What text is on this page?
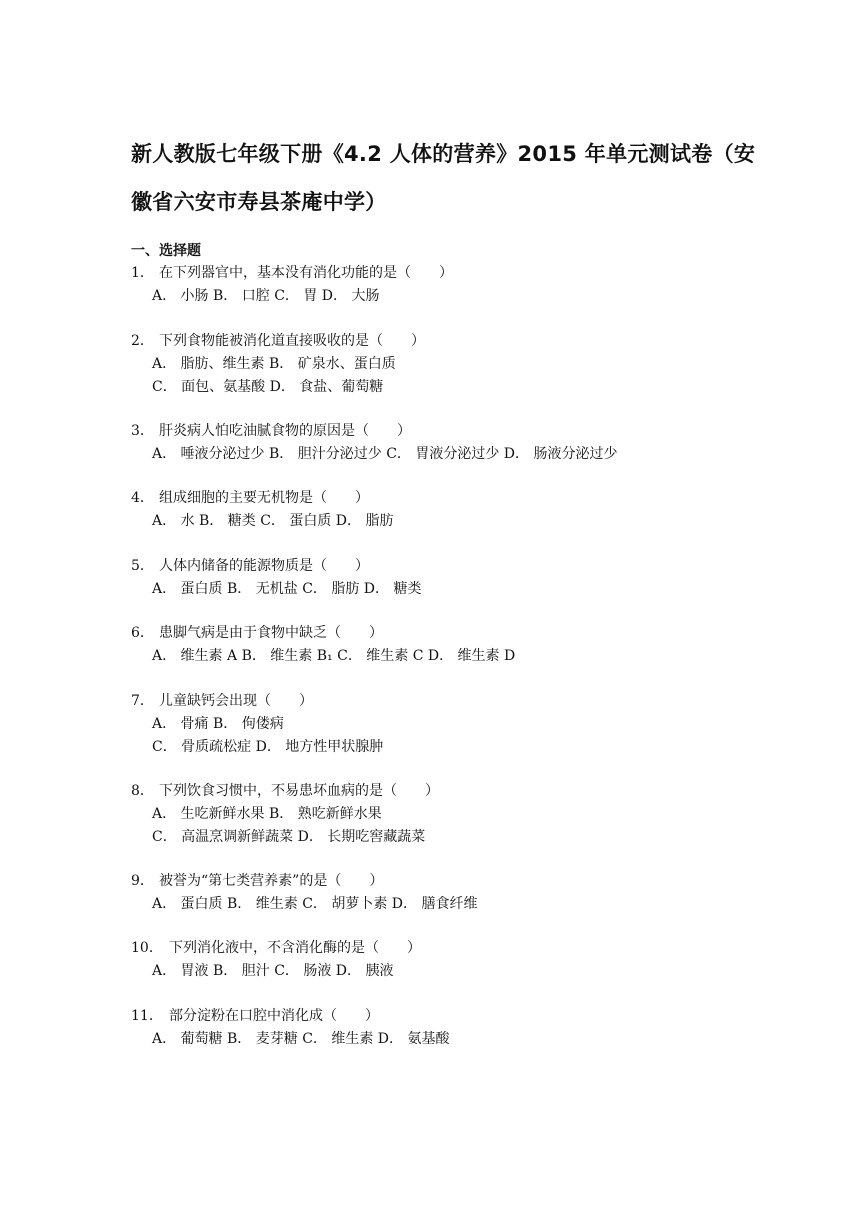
新人教版七年级下册《4.2 人体的营养》2015 年单元测试卷（安
徽省六安市寿县茶庵中学）
一、选择题
1． 在下列器官中，基本没有消化功能的是（　　）
A． 小肠 B． 口腔 C． 胃 D． 大肠
2． 下列食物能被消化道直接吸收的是（　　）
A． 脂肪、维生素 B． 矿泉水、蛋白质
C． 面包、氨基酸 D． 食盐、葡萄糖
3． 肝炎病人怕吃油腻食物的原因是（　　）
A． 唾液分泌过少 B． 胆汁分泌过少 C． 胃液分泌过少 D． 肠液分泌过少
4． 组成细胞的主要无机物是（　　）
A． 水 B． 糖类 C． 蛋白质 D． 脂肪
5． 人体内储备的能源物质是（　　）
A． 蛋白质 B． 无机盐 C． 脂肪 D． 糖类
6． 患脚气病是由于食物中缺乏（　　）
A． 维生素 A B． 维生素 B₁ C． 维生素 C D． 维生素 D
7． 儿童缺钙会出现（　　）
A． 骨痛 B． 佝偻病
C． 骨质疏松症 D． 地方性甲状腺肿
8． 下列饮食习惯中，不易患坏血病的是（　　）
A． 生吃新鲜水果 B． 熟吃新鲜水果
C． 高温烹调新鲜蔬菜 D． 长期吃窖藏蔬菜
9． 被誉为“第七类营养素”的是（　　）
A． 蛋白质 B． 维生素 C． 胡萝卜素 D． 膳食纤维
10． 下列消化液中，不含消化酶的是（　　）
A． 胃液 B． 胆汁 C． 肠液 D． 胰液
11． 部分淀粉在口腔中消化成（　　）
A． 葡萄糖 B． 麦芽糖 C． 维生素 D． 氨基酸
